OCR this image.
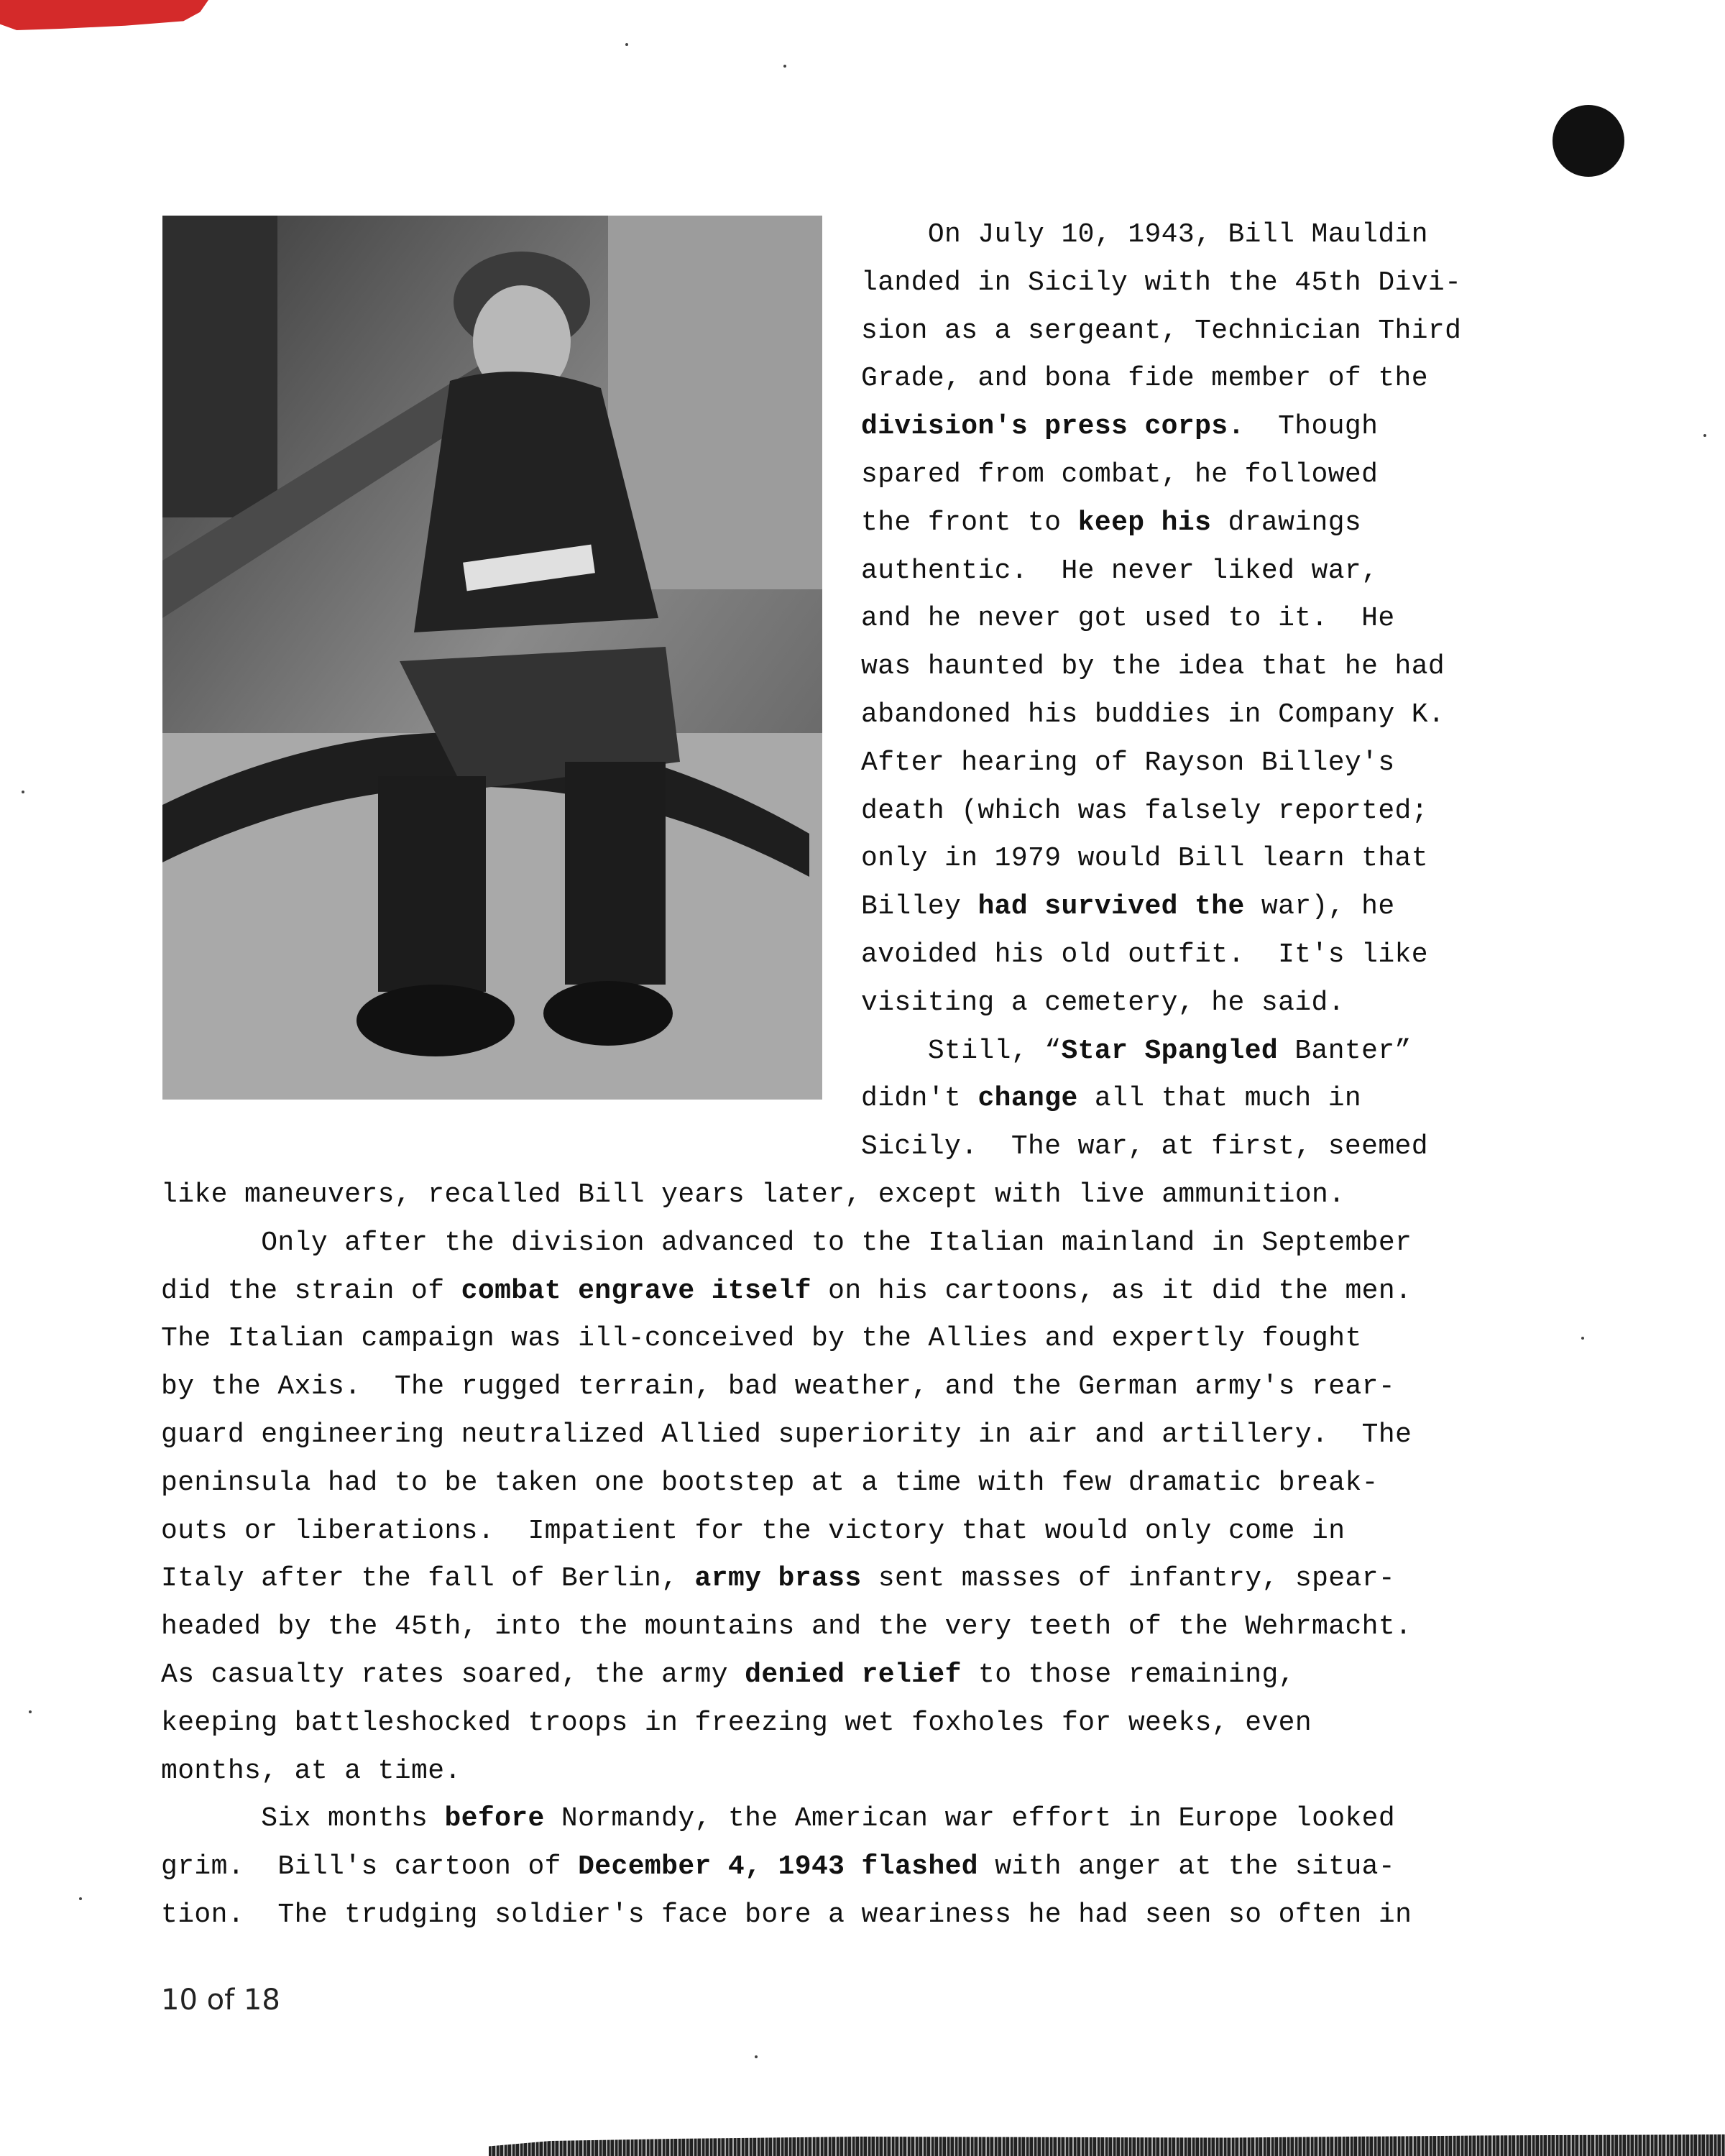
On July 10, 1943, Bill Mauldin
landed in Sicily with the 45th Divi-
sion as a sergeant, Technician Third
Grade, and bona fide member of the
division's press corps.  Though
spared from combat, he followed
the front to keep his drawings
authentic.  He never liked war,
and he never got used to it.  He
was haunted by the idea that he had
abandoned his buddies in Company K.
After hearing of Rayson Billey's
death (which was falsely reported;
only in 1979 would Bill learn that
Billey had survived the war), he
avoided his old outfit.  It's like
visiting a cemetery, he said.
Still, “Star Spangled Banter”
didn't change all that much in
Sicily.  The war, at first, seemed
like maneuvers, recalled Bill years later, except with live ammunition.
Only after the division advanced to the Italian mainland in September
did the strain of combat engrave itself on his cartoons, as it did the men.
The Italian campaign was ill-conceived by the Allies and expertly fought
by the Axis.  The rugged terrain, bad weather, and the German army's rear-
guard engineering neutralized Allied superiority in air and artillery.  The
peninsula had to be taken one bootstep at a time with few dramatic break-
outs or liberations.  Impatient for the victory that would only come in
Italy after the fall of Berlin, army brass sent masses of infantry, spear-
headed by the 45th, into the mountains and the very teeth of the Wehrmacht.
As casualty rates soared, the army denied relief to those remaining,
keeping battleshocked troops in freezing wet foxholes for weeks, even
months, at a time.
Six months before Normandy, the American war effort in Europe looked
grim.  Bill's cartoon of December 4, 1943 flashed with anger at the situa-
tion.  The trudging soldier's face bore a weariness he had seen so often in
10 of 18
